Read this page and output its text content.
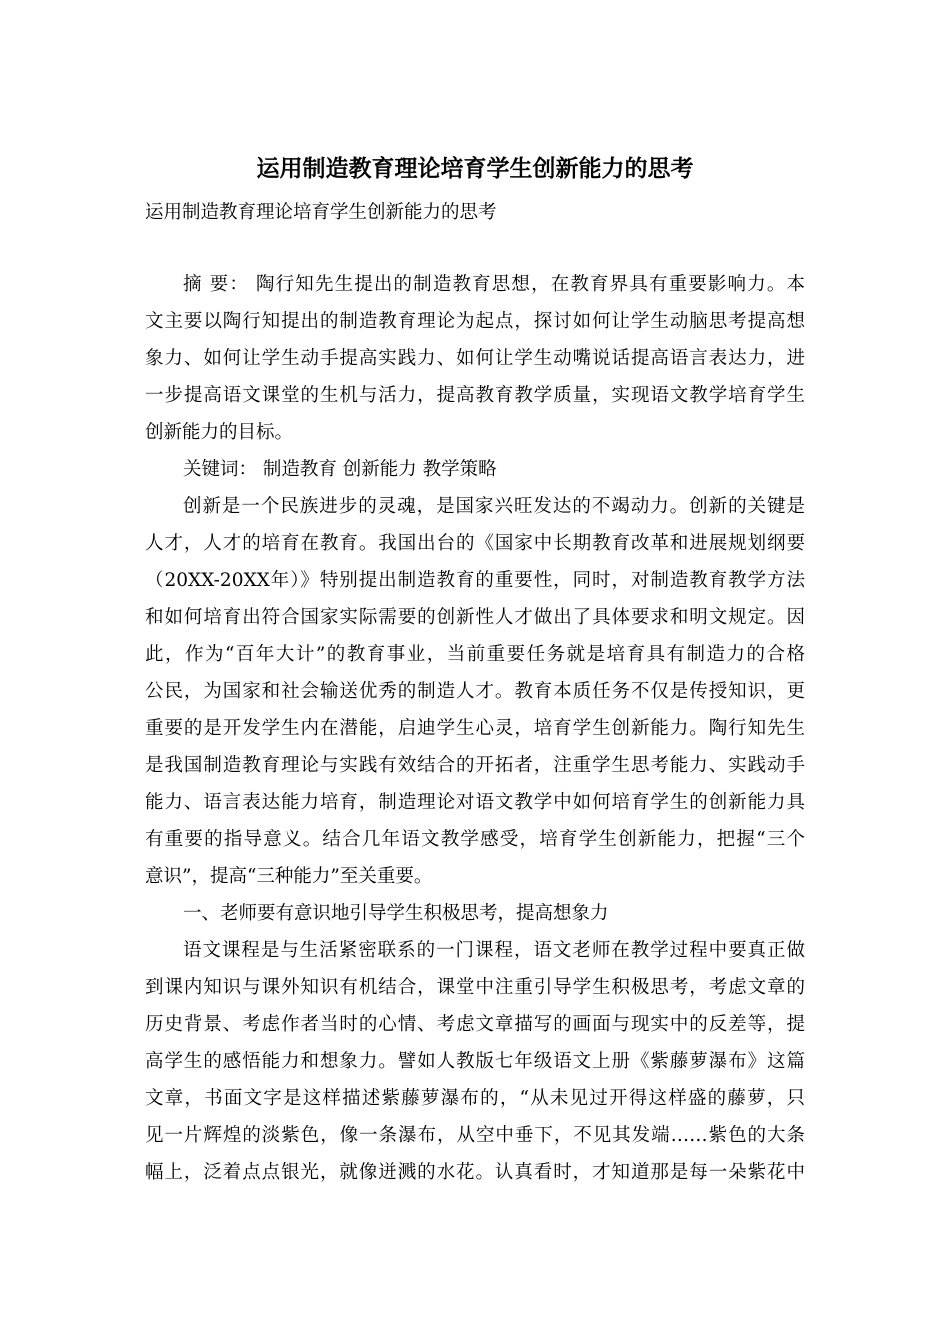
运用制造教育理论培育学生创新能力的思考
运用制造教育理论培育学生创新能力的思考
摘 要： 陶行知先生提出的制造教育思想，在教育界具有重要影响力。本
文主要以陶行知提出的制造教育理论为起点，探讨如何让学生动脑思考提高想
象力、如何让学生动手提高实践力、如何让学生动嘴说话提高语言表达力，进
一步提高语文课堂的生机与活力，提高教育教学质量，实现语文教学培育学生
创新能力的目标。
关键词： 制造教育 创新能力 教学策略
创新是一个民族进步的灵魂，是国家兴旺发达的不竭动力。创新的关键是
人才，人才的培育在教育。我国出台的《国家中长期教育改革和进展规划纲要
（20XX-20XX年）》特别提出制造教育的重要性，同时，对制造教育教学方法
和如何培育出符合国家实际需要的创新性人才做出了具体要求和明文规定。因
此，作为“百年大计”的教育事业，当前重要任务就是培育具有制造力的合格
公民，为国家和社会输送优秀的制造人才。教育本质任务不仅是传授知识，更
重要的是开发学生内在潜能，启迪学生心灵，培育学生创新能力。陶行知先生
是我国制造教育理论与实践有效结合的开拓者，注重学生思考能力、实践动手
能力、语言表达能力培育，制造理论对语文教学中如何培育学生的创新能力具
有重要的指导意义。结合几年语文教学感受，培育学生创新能力，把握“三个
意识”，提高“三种能力”至关重要。
一、老师要有意识地引导学生积极思考，提高想象力
语文课程是与生活紧密联系的一门课程，语文老师在教学过程中要真正做
到课内知识与课外知识有机结合，课堂中注重引导学生积极思考，考虑文章的
历史背景、考虑作者当时的心情、考虑文章描写的画面与现实中的反差等，提
高学生的感悟能力和想象力。譬如人教版七年级语文上册《紫藤萝瀑布》这篇
文章，书面文字是这样描述紫藤萝瀑布的，“从未见过开得这样盛的藤萝，只
见一片辉煌的淡紫色，像一条瀑布，从空中垂下，不见其发端……紫色的大条
幅上，泛着点点银光，就像迸溅的水花。认真看时，才知道那是每一朵紫花中
